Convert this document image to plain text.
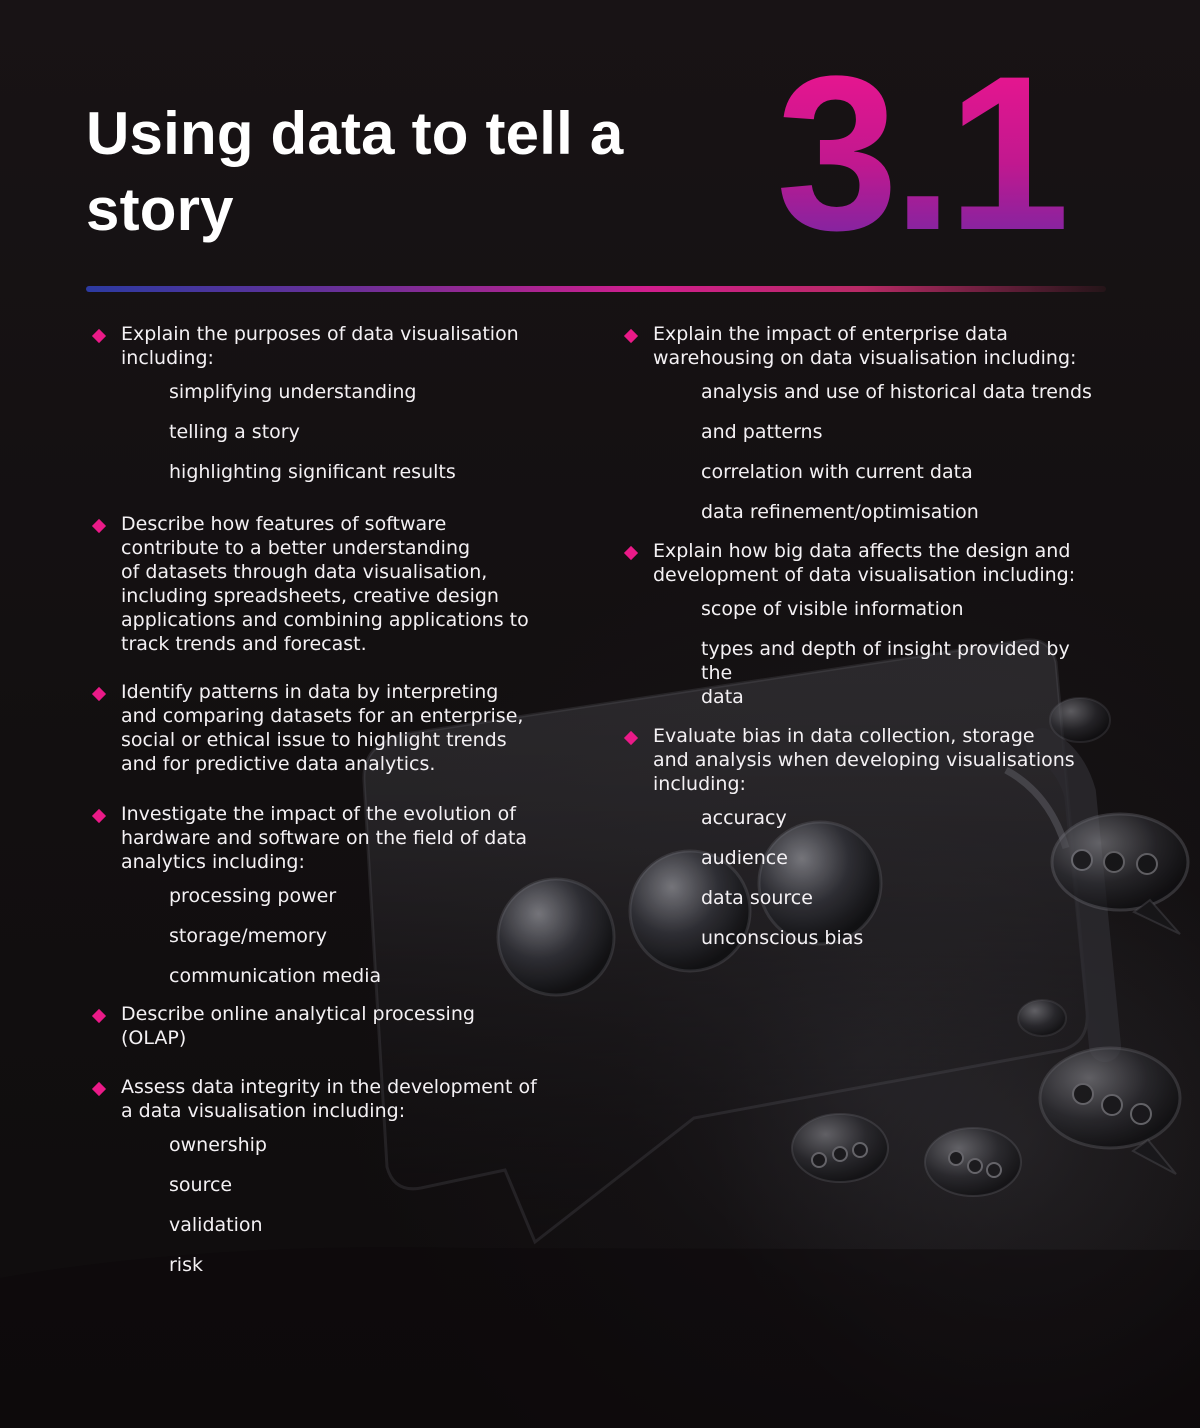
Using data to tell a
story	3.1
Explain the purposes of data visualisation
including:
simplifying understanding
telling a story
highlighting significant results
Describe how features of software
contribute to a better understanding
of datasets through data visualisation,
including spreadsheets, creative design
applications and combining applications to
track trends and forecast.
Identify patterns in data by interpreting
and comparing datasets for an enterprise,
social or ethical issue to highlight trends
and for predictive data analytics.
Investigate the impact of the evolution of
hardware and software on the field of data
analytics including:
processing power
storage/memory
communication media
Describe online analytical processing
(OLAP)
Assess data integrity in the development of
a data visualisation including:
ownership
source
validation
risk
Explain the impact of enterprise data
warehousing on data visualisation including:
analysis and use of historical data trends
and patterns
correlation with current data
data refinement/optimisation
Explain how big data affects the design and
development of data visualisation including:
scope of visible information
types and depth of insight provided by the
data
Evaluate bias in data collection, storage
and analysis when developing visualisations
including:
accuracy
audience
data source
unconscious bias
